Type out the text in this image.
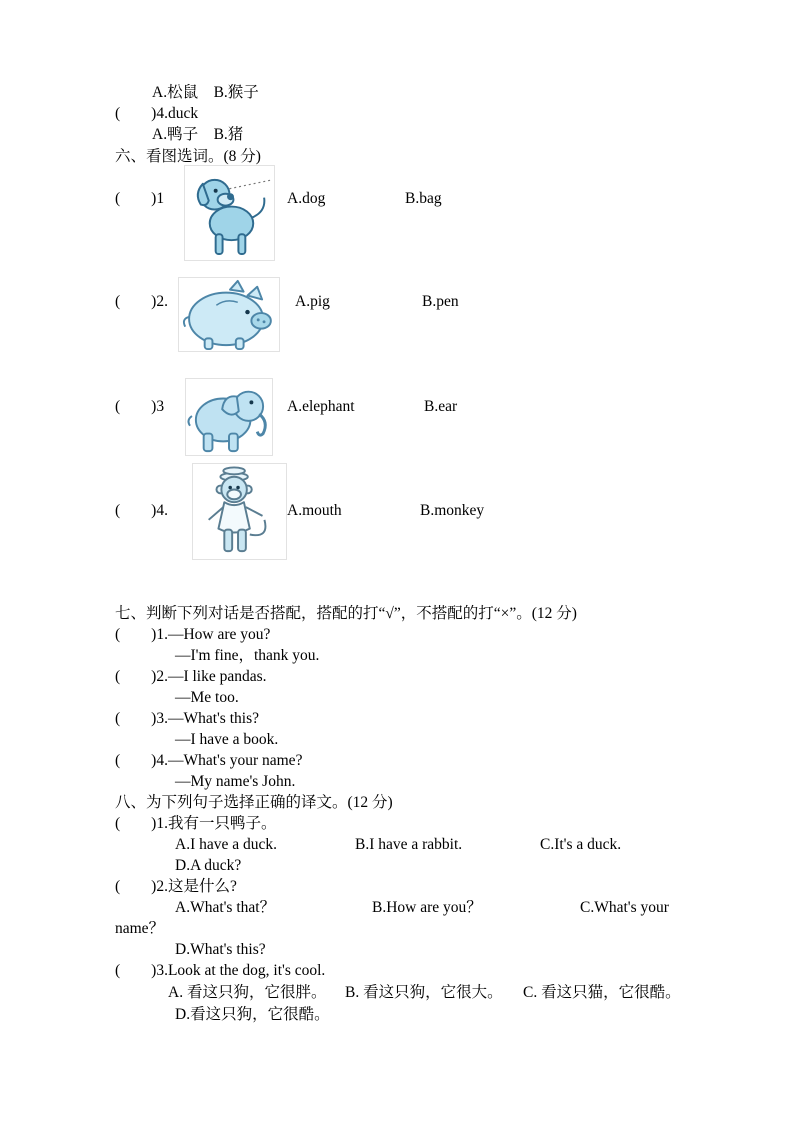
A.松鼠　B.猴子
(　　)4.duck
A.鸭子　B.猪
六、看图选词。(8 分)
(　　)1	A.dog	B.bag
(　　)2.	A.pig	B.pen
(　　)3	A.elephant	B.ear
(　　)4.	A.mouth	B.monkey
七、判断下列对话是否搭配，搭配的打“√”，不搭配的打“×”。(12 分)
(　　)1.—How are you?
—I'm fine，thank you.
(　　)2.—I like pandas.
—Me too.
(　　)3.—What's this?
—I have a book.
(　　)4.—What's your name?
—My name's John.
八、为下列句子选择正确的译文。(12 分)
(　　)1.我有一只鸭子。
A.I have a duck.	B.I have a rabbit.	C.It's a duck.
D.A duck?
(　　)2.这是什么?
A.What's that？	B.How are you？	C.What's your
name？
D.What's this?
(　　)3.Look at the dog, it's cool.
A. 看这只狗，它很胖。 B. 看这只狗，它很大。 C. 看这只猫，它很酷。
D.看这只狗，它很酷。
